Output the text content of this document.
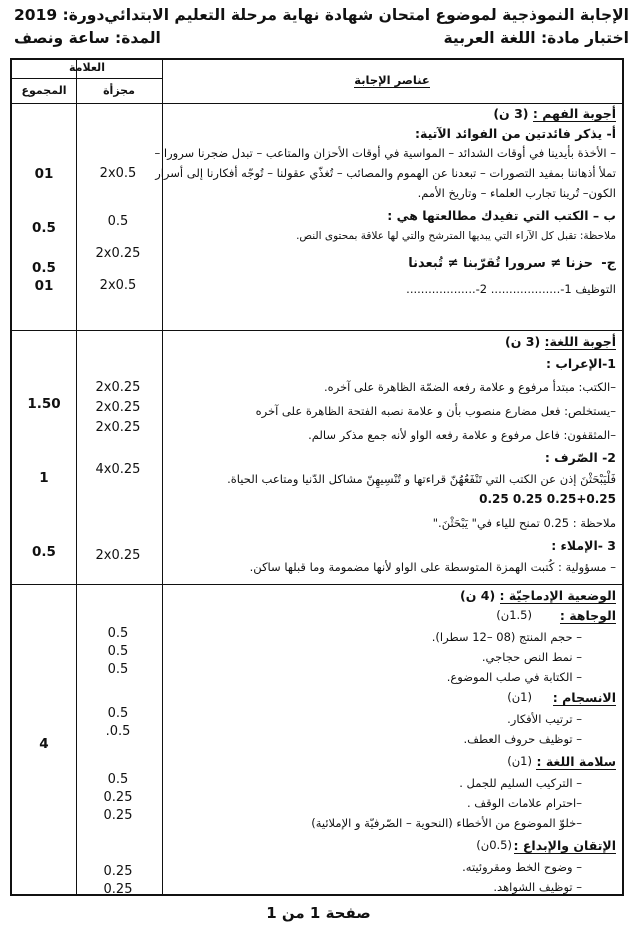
الإجابة النموذجية لموضوع امتحان شهادة نهاية مرحلة التعليم الابتدائي
اختبار مادة: اللغة العربية
دورة: 2019
المدة: ساعة ونصف
العلامة
المجموع	مجزأة
عناصر الإجابة
01
0.5
0.5
01
2x0.5
0.5
2x0.25
2x0.5
أجوبة الفهم : (3 ن)
أ- يذكر فائدتين من الفوائد الآتية:
– الأخذة بأيدينا في أوقات الشدائد – المواسية في أوقات الأحزان والمتاعب – تبدل ضجرنا سرورا –
تملأ أذهاننا بمفيد التصورات – تبعدنا عن الهموم والمصائب – تُغذّي عقولنا – تُوجّه أفكارنا إلى أسرار
الكون– تُرينا تجارب العلماء – وتاريخ الأمم.
ب – الكتب التي تفيدك مطالعتها هي :
ملاحظة: تقبل كل الآراء التي يبديها المترشح والتي لها علاقة بمحتوى النص.
ج-  حزنا ≠ سرورا تُقرّبنا ≠ تُبعدنا
التوظيف 1-................... 2-...................
1.50
1
0.5
2x0.25
2x0.25
2x0.25
4x0.25
2x0.25
أجوبة اللغة: (3 ن)
1-الإعراب :
–الكتب: مبتدأ مرفوع و علامة رفعه الضمّة الظاهرة على آخره.
–يستخلص: فعل مضارع منصوب بأن و علامة نصبه الفتحة الظاهرة على آخره
–المثقفون: فاعل مرفوع و علامة رفعه الواو لأنه جمع مذكر سالم.
2- الصّرف :
فَلْيَبْحَثْنَ إذن عن الكتب التي تَنْفَعُهُنّ قراءتها و تُنْسِيهِنّ مشاكل الدّنيا ومتاعب الحياة.
0.25+0.25 0.25 0.25
ملاحظة : 0.25 تمنح للياء في" يَبْحَثْنَ."
3 -الإملاء :
– مسؤولية : كُتبت الهمزة المتوسطة على الواو لأنها مضمومة وما قبلها ساكن.
4
0.5
0.5
0.5
0.5
.0.5
0.5
0.25
0.25
0.25
0.25
الوضعية الإدماجيّة : (4 ن)
الوجاهة :
(1.5ن)
– حجم المنتج (08 –12 سطرا).
– نمط النص حجاجي.
– الكتابة في صلب الموضوع.
الانسجام :
(1ن)
– ترتيب الأفكار.
– توظيف حروف العطف.
سلامة اللغة :
(1ن)
– التركيب السليم للجمل .
–احترام علامات الوقف .
–خلوّ الموضوع من الأخطاء (النحوية – الصّرفيّة و الإملائية)
الإتقان والإبداع :
(0.5ن)
– وضوح الخط ومقروئيته.
– توظيف الشواهد.
صفحة 1 من 1
